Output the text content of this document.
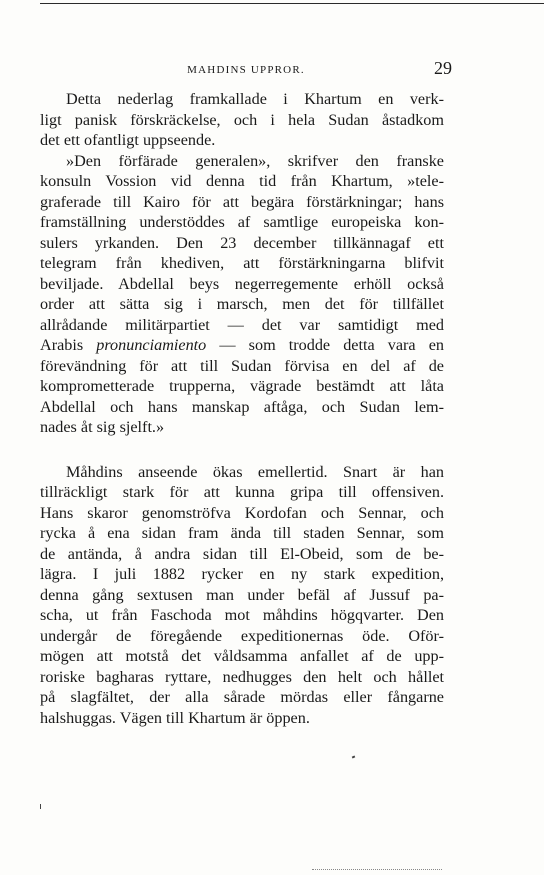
MAHDINS UPPROR.	29

Detta nederlag framkallade i Khartum en verk-

ligt panisk förskräckelse, och i hela Sudan åstadkom

det ett ofantligt uppseende.

»Den förfärade generalen», skrifver den franske

konsuln Vossion vid denna tid från Khartum, »tele-

graferade till Kairo för att begära förstärkningar; hans

framställning understöddes af samtlige europeiska kon-

sulers yrkanden. Den 23 december tillkännagaf ett

telegram från khediven, att förstärkningarna blifvit

beviljade. Abdellal beys negerregemente erhöll också

order att sätta sig i marsch, men det för tillfället

allrådande militärpartiet — det var samtidigt med

Arabis pronunciamiento — som trodde detta vara en

förevändning för att till Sudan förvisa en del af de

komprometterade trupperna, vägrade bestämdt att låta

Abdellal och hans manskap aftåga, och Sudan lem-

nades åt sig sjelft.»

Måhdins anseende ökas emellertid. Snart är han

tillräckligt stark för att kunna gripa till offensiven.

Hans skaror genomströfva Kordofan och Sennar, och

rycka å ena sidan fram ända till staden Sennar, som

de antända, å andra sidan till El-Obeid, som de be-

lägra. I juli 1882 rycker en ny stark expedition,

denna gång sextusen man under befäl af Jussuf pa-

scha, ut från Faschoda mot måhdins högqvarter. Den

undergår de föregående expeditionernas öde. Oför-

mögen att motstå det våldsamma anfallet af de upp-

roriske bagharas ryttare, nedhugges den helt och hållet

på slagfältet, der alla sårade mördas eller fångarne

halshuggas. Vägen till Khartum är öppen.
